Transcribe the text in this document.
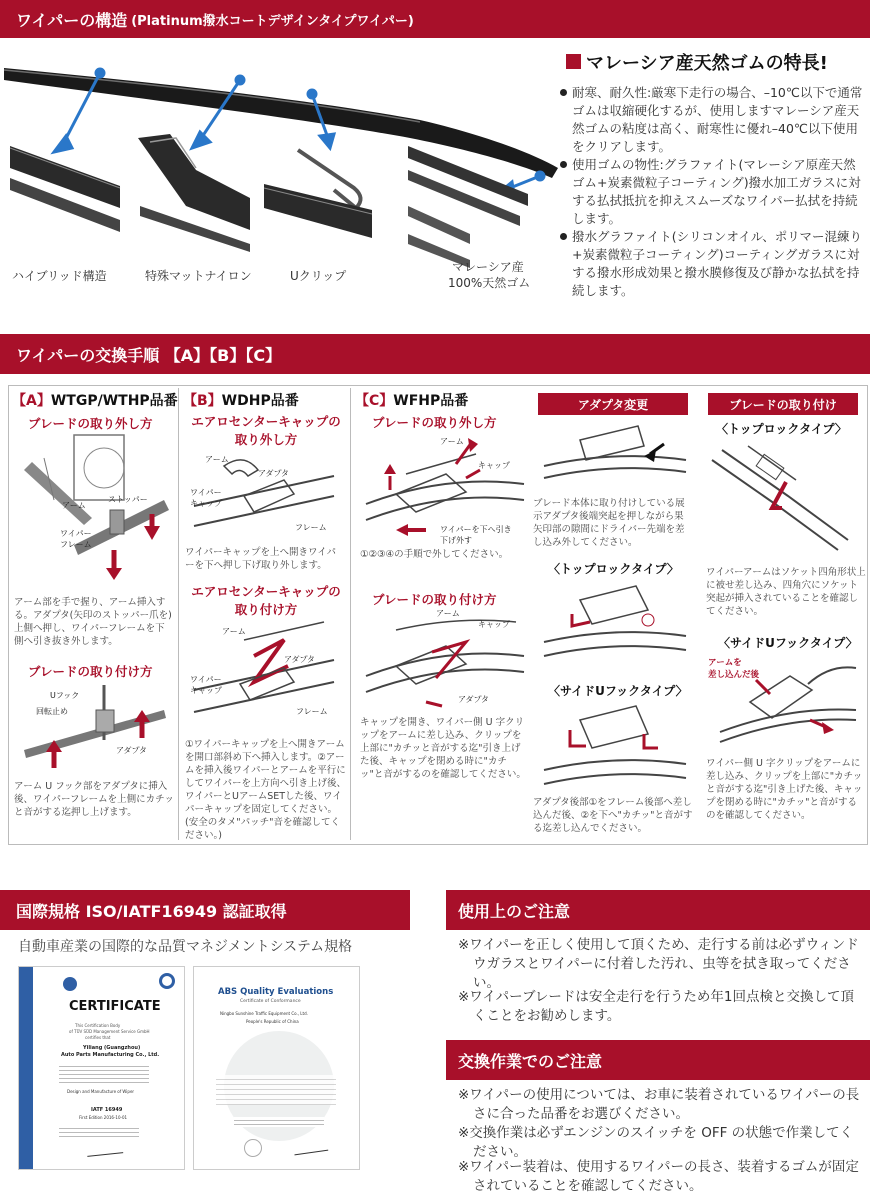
ワイパーの構造 (Platinum撥水コートデザインタイプワイパー)
ハイブリッド構造	特殊マットナイロン	Uクリップ
マレーシア産
100%天然ゴム
マレーシア産天然ゴムの特長!
耐寒、耐久性:厳寒下走行の場合、–10℃以下で通常ゴムは収縮硬化するが、使用しますマレーシア産天然ゴムの粘度は高く、耐寒性に優れ–40℃以下使用をクリアします。
使用ゴムの物性:グラファイト(マレーシア原産天然ゴム+炭素微粒子コーティング)撥水加工ガラスに対する払拭抵抗を抑えスムーズなワイパー払拭を持続します。
撥水グラファイト(シリコンオイル、ポリマー混練り+炭素微粒子コーティング)コーティングガラスに対する撥水形成効果と撥水膜修復及び静かな払拭を持続します。
ワイパーの交換手順 【A】【B】【C】
【A】WTGP/WTHP品番
ブレードの取り外し方
アーム
ストッパー
ワイパー
フレーム
アーム部を手で握り、アーム挿入する。アダプタ(矢印のストッパー爪を)上側へ押し、ワイパーフレームを下側へ引き抜き外します。
ブレードの取り付け方
Uフック
回転止め
アダプタ
アーム U フック部をアダプタに挿入後、ワイパーフレームを上側にカチッと音がする迄押し上げます。
【B】WDHP品番
エアロセンターキャップの取り外し方
アーム
アダプタ
ワイパー
キャップ
フレーム
ワイパーキャップを上へ開きワイパーを下へ押し下げ取り外します。
エアロセンターキャップの取り付け方
アーム
アダプタ
ワイパー
キャップ
フレーム
①ワイパーキャップを上へ開きアームを開口部斜め下へ挿入します。②アームを挿入後ワイパーとアームを平行にしてワイパーを上方向へ引き上げ後、ワイパーとUアームSETした後、ワイパーキャップを固定してください。(安全のタメ"パッチ"音を確認してください。)
【C】WFHP品番
ブレードの取り外し方
アーム
キャップ
ワイパーを下へ引き
下げ外す
①②③④の手順で外してください。
ブレードの取り付け方
アーム
キャップ
アダプタ
キャップを開き、ワイパー側 U 字クリップをアームに差し込み、クリップを上部に"カチッと音がする迄"引き上げた後、キャップを閉める時に"カチッ"と音がするのを確認してください。
アダプタ変更
ブレード本体に取り付けしている展示アダプタ後端突起を押しながら果矢印部の隙間にドライバー先端を差し込み外してください。
〈トップロックタイプ〉
〈サイドUフックタイプ〉
アダプタ後部①をフレーム後部へ差し込んだ後、②を下へ"カチッ"と音がする迄差し込んでください。
ブレードの取り付け
〈トップロックタイプ〉
ワイパーアームはソケット四角形状上に被せ差し込み、四角穴にソケット突起が挿入されていることを確認してください。
〈サイドUフックタイプ〉
アームを
差し込んだ後
ワイパー側 U 字クリップをアームに差し込み、クリップを上部に"カチッと音がする迄"引き上げた後、キャップを閉める時に"カチッ"と音がするのを確認してください。
国際規格 ISO/IATF16949 認証取得
自動車産業の国際的な品質マネジメントシステム規格
CERTIFICATE
This Certification Body
of TÜV SÜD Management Service GmbH
certifies that
Yiliang (Guangzhou)
Auto Parts Manufacturing Co., Ltd.
Design and Manufacture of Wiper
IATF 16949
First Edition 2016-10-01
ABS Quality Evaluations
Certificate of Conformance
Ningbo Sunshine Traffic Equipment Co., Ltd.
People's Republic of China
使用上のご注意
※ワイパーを正しく使用して頂くため、走行する前は必ずウィンドウガラスとワイパーに付着した汚れ、虫等を拭き取ってください。
※ワイパーブレードは安全走行を行うため年1回点検と交換して頂くことをお勧めします。
交換作業でのご注意
※ワイパーの使用については、お車に装着されているワイパーの長さに合った品番をお選びください。
※交換作業は必ずエンジンのスイッチを OFF の状態で作業してください。
※ワイパー装着は、使用するワイパーの長さ、装着するゴムが固定されていることを確認してください。
